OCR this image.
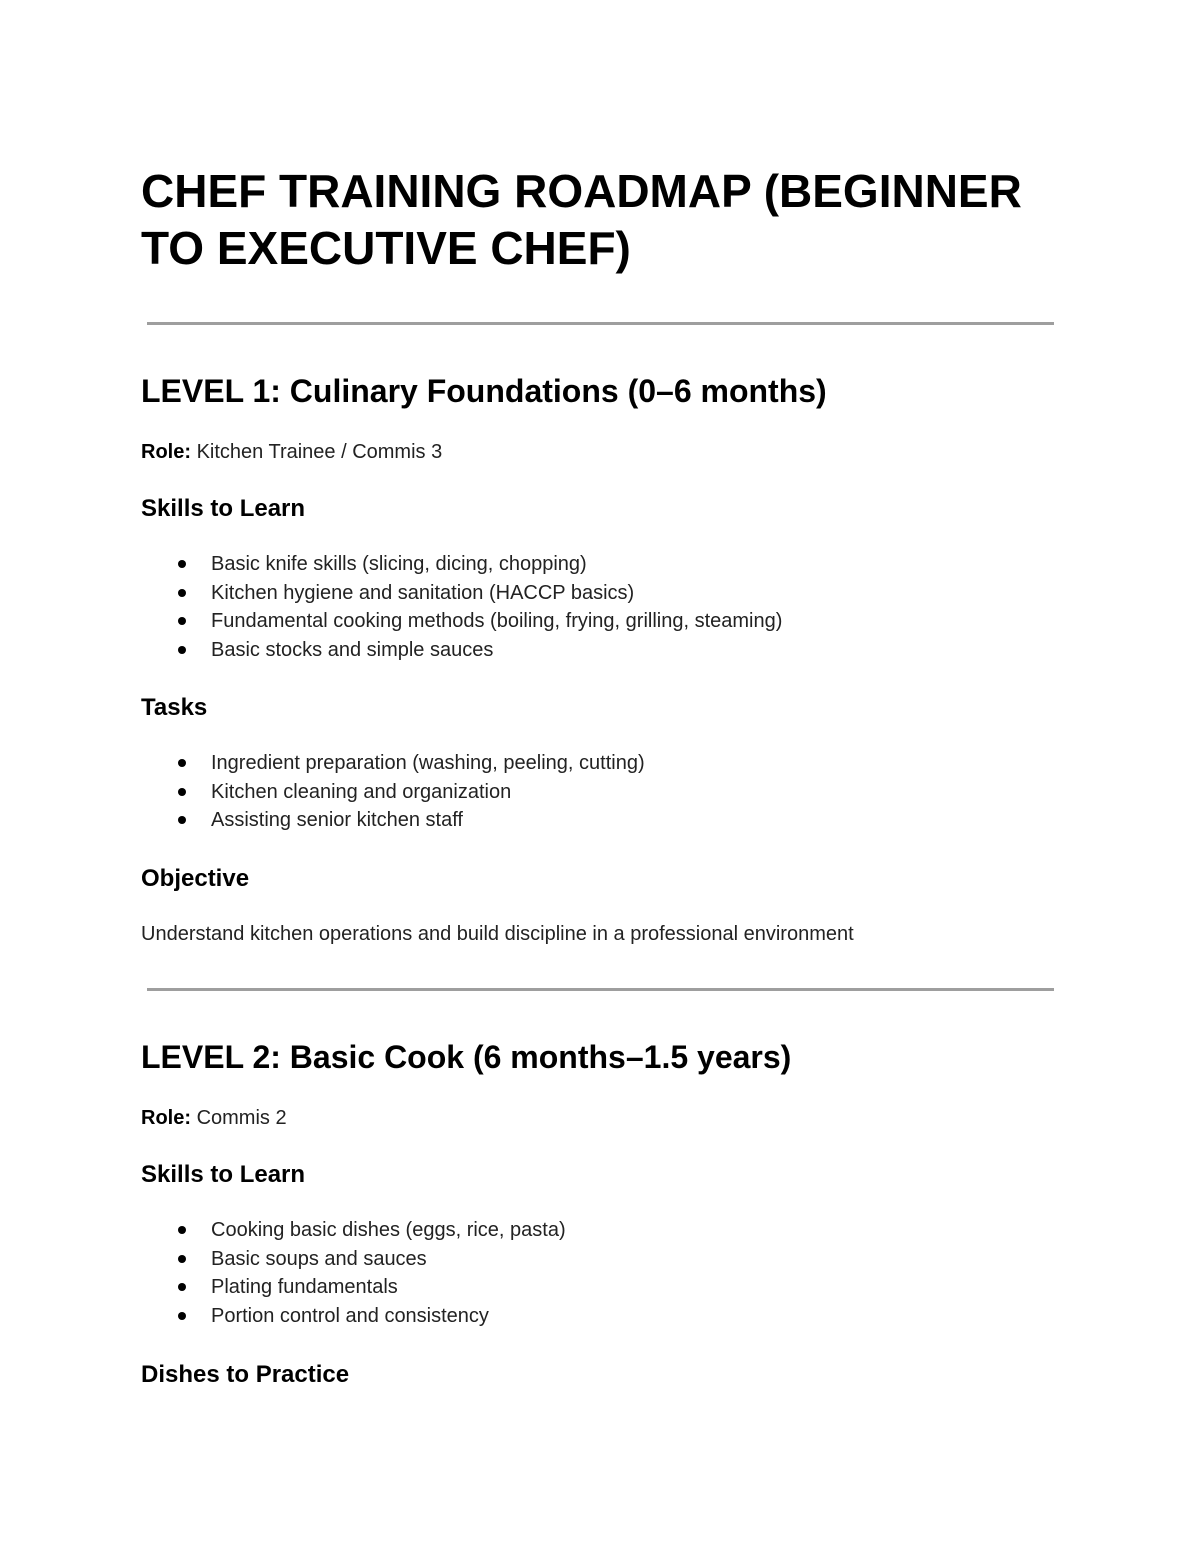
CHEF TRAINING ROADMAP (BEGINNER TO EXECUTIVE CHEF)
LEVEL 1: Culinary Foundations (0–6 months)
Role: Kitchen Trainee / Commis 3
Skills to Learn
Basic knife skills (slicing, dicing, chopping)
Kitchen hygiene and sanitation (HACCP basics)
Fundamental cooking methods (boiling, frying, grilling, steaming)
Basic stocks and simple sauces
Tasks
Ingredient preparation (washing, peeling, cutting)
Kitchen cleaning and organization
Assisting senior kitchen staff
Objective

Understand kitchen operations and build discipline in a professional environment

LEVEL 2: Basic Cook (6 months–1.5 years)
Role: Commis 2
Skills to Learn
Cooking basic dishes (eggs, rice, pasta)
Basic soups and sauces
Plating fundamentals
Portion control and consistency
Dishes to Practice
